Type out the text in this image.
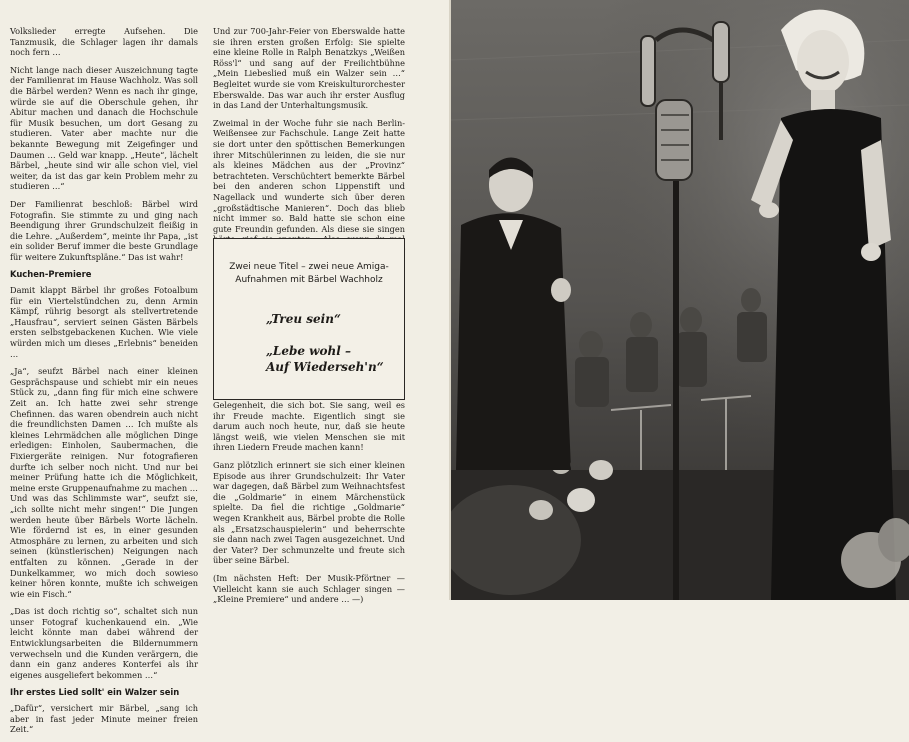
Volkslieder erregte Aufsehen. Die Tanzmusik, die Schlager lagen ihr damals noch fern …

Nicht lange nach dieser Auszeichnung tagte der Familienrat im Hause Wachholz. Was soll die Bärbel werden? Wenn es nach ihr ginge, würde sie auf die Oberschule gehen, ihr Abitur machen und danach die Hochschule für Musik besuchen, um dort Gesang zu studieren. Vater aber machte nur die bekannte Bewegung mit Zeigefinger und Daumen … Geld war knapp. „Heute“, lächelt Bärbel, „heute sind wir alle schon viel, viel weiter, da ist das gar kein Problem mehr zu studieren …“

Der Familienrat beschloß: Bärbel wird Fotografin. Sie stimmte zu und ging nach Beendigung ihrer Grundschulzeit fleißig in die Lehre. „Außerdem“, meinte ihr Papa, „ist ein solider Beruf immer die beste Grundlage für weitere Zukunftspläne.“ Das ist wahr!

Kuchen-Premiere

Damit klappt Bärbel ihr großes Fotoalbum für ein Viertelstündchen zu, denn Armin Kämpf, rührig besorgt als stellvertretende „Hausfrau“, serviert seinen Gästen Bärbels ersten selbstgebackenen Kuchen. Wie viele würden mich um dieses „Erlebnis“ beneiden …

„Ja“, seufzt Bärbel nach einer kleinen Gesprächspause und schiebt mir ein neues Stück zu, „dann fing für mich eine schwere Zeit an. Ich hatte zwei sehr strenge Chefinnen. das waren obendrein auch nicht die freundlichsten Damen … Ich mußte als kleines Lehrmädchen alle möglichen Dinge erledigen: Einholen, Saubermachen, die Fixiergeräte reinigen. Nur fotografieren durfte ich selber noch nicht. Und nur bei meiner Prüfung hatte ich die Möglichkeit, meine erste Gruppenaufnahme zu machen … Und was das Schlimmste war“, seufzt sie, „ich sollte nicht mehr singen!“ Die Jungen werden heute über Bärbels Worte lächeln. Wie fördernd ist es, in einer gesunden Atmosphäre zu lernen, zu arbeiten und sich seinen (künstlerischen) Neigungen nach entfalten zu können. „Gerade in der Dunkelkammer, wo mich doch sowieso keiner hören konnte, mußte ich schweigen wie ein Fisch.“

„Das ist doch richtig so“, schaltet sich nun unser Fotograf kuchenkauend ein. „Wie leicht könnte man dabei während der Entwicklungsarbeiten die Bildernummern verwechseln und die Kunden verärgern, die dann ein ganz anderes Konterfei als ihr eigenes ausgeliefert bekommen …“

Ihr erstes Lied sollt' ein Walzer sein

„Dafür“, versichert mir Bärbel, „sang ich aber in fast jeder Minute meiner freien Zeit.“

Und zur 700-Jahr-Feier von Eberswalde hatte sie ihren ersten großen Erfolg: Sie spielte eine kleine Rolle in Ralph Benatzkys „Weißen Röss'l“ und sang auf der Freilichtbühne „Mein Liebeslied muß ein Walzer sein …“ Begleitet wurde sie vom Kreiskulturorchester Eberswalde. Das war auch ihr erster Ausflug in das Land der Unterhaltungsmusik.

Zweimal in der Woche fuhr sie nach Berlin-Weißensee zur Fachschule. Lange Zeit hatte sie dort unter den spöttischen Bemerkungen ihrer Mitschülerinnen zu leiden, die sie nur als kleines Mädchen aus der „Provinz“ betrachteten. Verschüchtert bemerkte Bärbel bei den anderen schon Lippenstift und Nagellack und wunderte sich über deren „großstädtische Manieren“. Doch das blieb nicht immer so. Bald hatte sie schon eine gute Freundin gefunden. Als diese sie singen

Zwei neue Titel – zwei neue Amiga-Aufnahmen mit Bärbel Wachholz
„Treu sein“
„Lebe wohl –
Auf Wiederseh'n“

Gelegenheit, die sich bot. Sie sang, weil es ihr Freude machte. Eigentlich singt sie darum auch noch heute, nur, daß sie heute längst weiß, wie vielen Menschen sie mit ihren Liedern Freude machen kann!

Ganz plötzlich erinnert sie sich einer kleinen Episode aus ihrer Grundschulzeit: Ihr Vater war dagegen, daß Bärbel zum Weihnachtsfest die „Goldmarie“ in einem Märchenstück spielte. Da fiel die richtige „Goldmarie“ wegen Krankheit aus, Bärbel probte die Rolle als „Ersatzschauspielerin“ und beherrschte sie dann nach zwei Tagen ausgezeichnet. Und der Vater? Der schmunzelte und freute sich über seine Bärbel.

(Im nächsten Heft: Der Musik-Pförtner — Vielleicht kann sie auch Schlager singen — „Kleine Premiere“ und andere … —)
